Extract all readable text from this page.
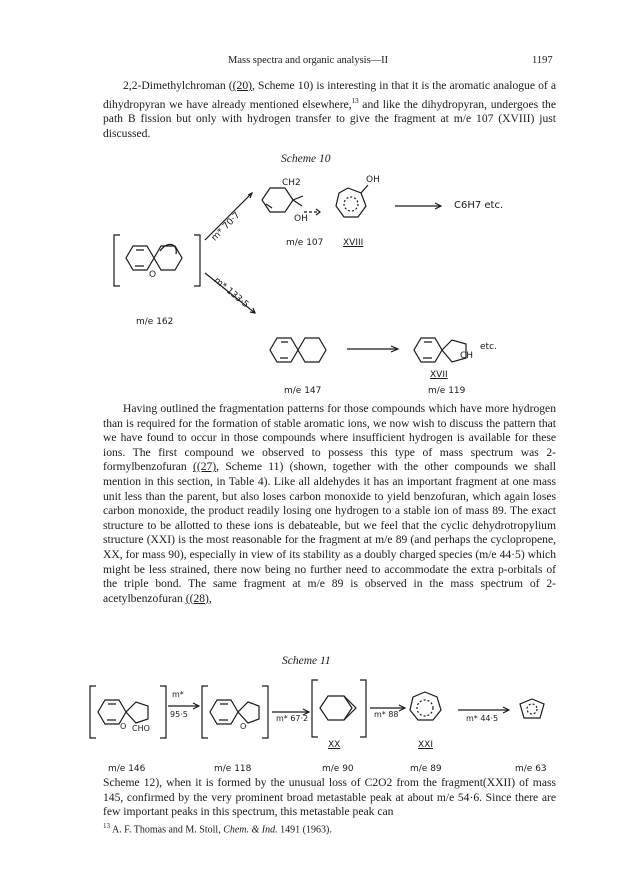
Mass spectra and organic analysis—II	1197
2,2-Dimethylchroman ((20), Scheme 10) is interesting in that it is the aromatic analogue of a dihydropyran we have already mentioned elsewhere,$^{13}$ and like the dihydropyran, undergoes the path B fission but only with hydrogen transfer to give the fragment at m/e 107 (XVIII) just discussed.
Scheme 10
m/e 162
O
m* 70·7
m* 133·5
CH2
OH
OH
m/e 107 XVIII
C6H7 etc.
m/e 147
CH
etc.
XVII
m/e 119
Having outlined the fragmentation patterns for those compounds which have more hydrogen than is required for the formation of stable aromatic ions, we now wish to discuss the pattern that we have found to occur in those compounds where insufficient hydrogen is available for these ions. The first compound we observed to possess this type of mass spectrum was 2-formylbenzofuran ((27), Scheme 11) (shown, together with the other compounds we shall mention in this section, in Table 4). Like all aldehydes it has an important fragment at one mass unit less than the parent, but also loses carbon monoxide to yield benzofuran, which again loses carbon monoxide, the product readily losing one hydrogen to a stable ion of mass 89. The exact structure to be allotted to these ions is debateable, but we feel that the cyclic dehydrotropylium structure (XXI) is the most reasonable for the fragment at m/e 89 (and perhaps the cyclopropene, XX, for mass 90), especially in view of its stability as a doubly charged species (m/e 44·5) which might be less strained, there now being no further need to accommodate the extra p-orbitals of the triple bond. The same fragment at m/e 89 is observed in the mass spectrum of 2-acetylbenzofuran ((28),
Scheme 11
CHO
O	O
m*
95·5	m* 67·2	m* 88	m* 44·5
XX	XXI
m/e 146	m/e 118	m/e 90	m/e 89	m/e 63
Scheme 12), when it is formed by the unusual loss of C2O2 from the fragment(XXII) of mass 145, confirmed by the very prominent broad metastable peak at about m/e 54·6. Since there are few important peaks in this spectrum, this metastable peak can
$^{13}$ A. F. Thomas and M. Stoll, Chem. & Ind. 1491 (1963).
